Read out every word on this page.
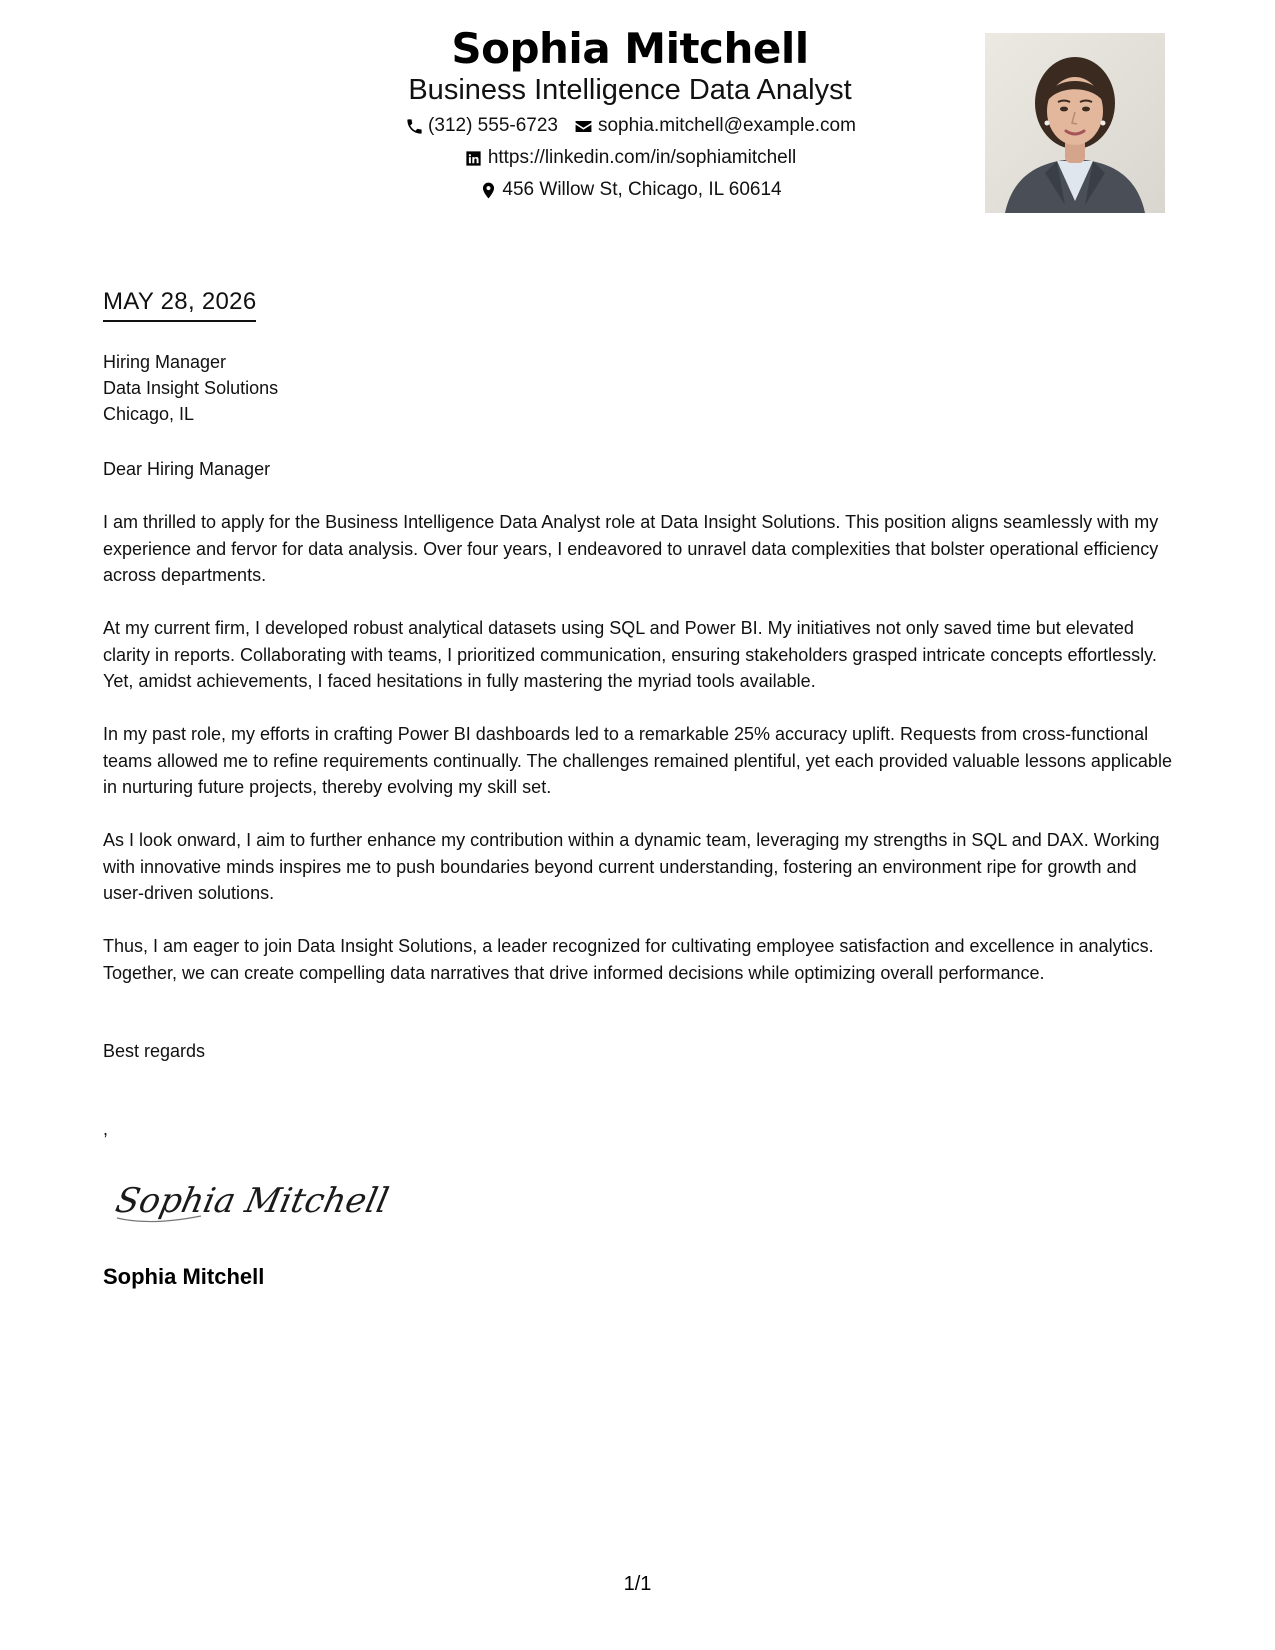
Sophia Mitchell
Business Intelligence Data Analyst
(312) 555-6723 sophia.mitchell@example.com
https://linkedin.com/in/sophiamitchell
456 Willow St, Chicago, IL 60614
MAY 28, 2026
Hiring Manager
Data Insight Solutions
Chicago, IL
Dear Hiring Manager

I am thrilled to apply for the Business Intelligence Data Analyst role at Data Insight Solutions. This position aligns seamlessly with my experience and fervor for data analysis. Over four years, I endeavored to unravel data complexities that bolster operational efficiency across departments.

At my current firm, I developed robust analytical datasets using SQL and Power BI. My initiatives not only saved time but elevated clarity in reports. Collaborating with teams, I prioritized communication, ensuring stakeholders grasped intricate concepts effortlessly. Yet, amidst achievements, I faced hesitations in fully mastering the myriad tools available.

In my past role, my efforts in crafting Power BI dashboards led to a remarkable 25% accuracy uplift. Requests from cross-functional teams allowed me to refine requirements continually. The challenges remained plentiful, yet each provided valuable lessons applicable in nurturing future projects, thereby evolving my skill set.

As I look onward, I aim to further enhance my contribution within a dynamic team, leveraging my strengths in SQL and DAX. Working with innovative minds inspires me to push boundaries beyond current understanding, fostering an environment ripe for growth and user-driven solutions.

Thus, I am eager to join Data Insight Solutions, a leader recognized for cultivating employee satisfaction and excellence in analytics. Together, we can create compelling data narratives that drive informed decisions while optimizing overall performance.

Best regards
,
Sophia Mitchell
Sophia Mitchell
1/1
